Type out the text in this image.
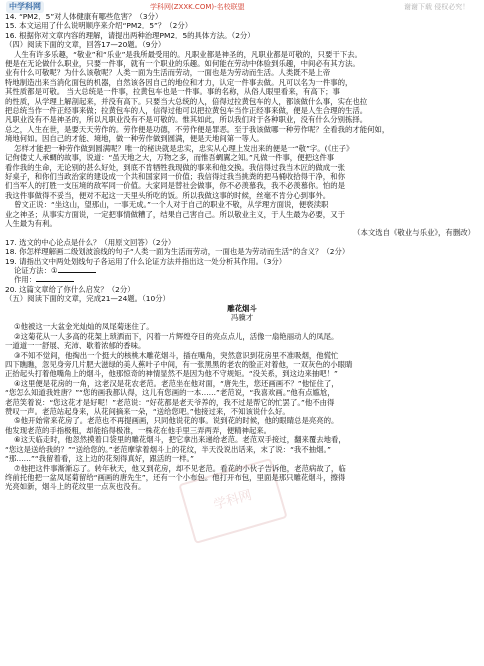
中学科网	学科网(ZXXK.COM)-名校联盟	谢谢下载 侵权必究！
学科网

14. “PM2．5”对人体健康有哪些危害？（3分）

15. 本文运用了什么说明顺序来介绍“PM2．5”？（2分）

16. 根据你对文章内容的理解，请提出两种治理PM2．5的具体方法。（2分）

（四）阅读下面的文章，回答17—20题。（9分）

人生有许多乐趣，“敬业”和“乐业”是我所最受用的。凡职业都是神圣的，凡职业都是可敬的，只要干下去。

便是在无论做什么职业，只要一件事，就有一个职业的乐趣。如何能在劳动中体验到乐趣，中间必有其方法。

业有什么可敬呢？为什么该敬呢？人类一面为生活而劳动，一面也是为劳动而生活。人类既不是上帝

特地制造出来当消化面包的机器，自然该各因自己的地位和才力，认定一件事去做。凡可以名为一件事的，

其性质都是可敬。 当大总统是一件事，拉黄包车也是一件事。事的名称，从俗人眼里看来，有高下；事

的性质，从学理上解剖起来，并没有高下。只要当大总统的人，倍得过拉黄包车的人，都该做什么事，实在也拉

把总统当作一件正经事来做；拉黄包车的人，信得过他可以把拉黄包车当作正经事来做，便是人生合理的生活。

凡职业没有不是神圣的，所以凡职业没有不是可敬的。惟其如此，所以我们对于各种职业，没有什么分别拣择。

总之，人生在世，是要天天劳作的。劳作便是功德，不劳作便是罪恶。至于我该做哪一种劳作呢？全看我的才能何如，

境地何如。因自己的才能、境地，做一种劳作做到圆满，便是天地间第一等人。

怎样才能把一种劳作做到圆满呢？唯一的秘诀就是忠实，忠实从心理上发出来的便是一“敬”字。(《庄子》

记佝偻丈人承蜩的故事，说道：“虽天地之大，万物之多，而惟吾蜩翼之知。”凡做一件事，便把这件事

看作我的生命，无论别的甚么好处，到底不肯牺牲我现做的事来和他交换。我信得过我当木匠的做成一张

好桌子，和你们当政治家的建设成一个共和国家同一价值；我信得过我当挑粪的把马桶收拾得干净，和你

们当军人的打胜一支压境的敌军同一价值。大家同是替社会做事，你不必羡慕我，我不必羡慕你。怕的是

我这件事做得不妥当，便对不起这一天里头所吃的饭。所以我做这事的时候，丝毫不肯分心到事外。

曾文正说：“坐这山，望那山，一事无成。”一个人对于自己的职业不敬，从学理方面说，便亵渎职

业之神圣；从事实方面说，一定把事情做糟了，结果自己害自己。所以敬业主义，于人生最为必要，又于

人生最为有利。

（本文选自《敬业与乐业》，有删改）

17. 选文的中心论点是什么？（用原文回答）（2分）

18. 你怎样理解画二级划波浪线的句子“人类一面为生活而劳动，一面也是为劳动而生活”的含义？（2分）

19. 请指出文中两处划线句子各运用了什么论证方法并指出这一处分析其作用。（3分）

论证方法：①

作用：

20. 这篇文章给了你什么启发？（2分）

（五）阅读下面的文章，完成21—24题。（10分）

雕花烟斗

冯骥才

①他被这一大盆金光灿灿的凤尾菊迷住了。

②这菊花从一人多高的花架上琐洒而下，闪着一片辉煌夺目的亮点点儿，活像一扇艳丽动人的凤尾。

一道道一一舒展、充沛、歇着浓郁的香味。

③不知不觉间，他掏出一个挺大的核桃木雕花烟斗，插在嘴角，突然意识到花房里不准吸烟，他慌忙

四下瞧瞧，忽见身旁几片肥大滋绿的美人蕉叶子中间，有一张黑黑的老农的脸正对着他，一双灰色的小眼睛

正抬起头打着他嘴角上的烟斗，他那惊奇的神情显然不是因为他不守规矩。“没关系，到这边来抽吧！”

④这里便是花房的一角，这老汉是花农老范。老范坐在他对面，“唐先生，您还画画不？”他怔住了，

“您怎么知道我姓唐？”“您的画我都认得，这儿有您画的一本……”老范说，“我喜欢画。”他有点尴尬，

老范笑着说：“您这花才是好呢！”老范说：“好花都是老天爷养的，我不过是帮它的忙罢了。”他不由得

赞叹一声。老范站起身来，从花间摘来一朵，“送给您吧。”他接过来，不知该说什么好。

⑤他开始常来花房了。老范也不再提画画，只同他说花的事。说到花的时候，他的眼睛总是亮亮的。

他发现老范的手指极粗，却能掐得极准，一株花在他手里三弄两弄，便精神起来。

⑥这天临走时，他忽然摸着口袋里的雕花烟斗，把它拿出来递给老范。老范双手接过，翻来覆去地看，

“您这是送给我的？”“送给您的。”老范摩挲着烟斗上的花纹，半天没说出话来，末了说：“我不抽烟。”

“那……”“我留着看，这上边的花刻得真好，跟活的一样。”

⑦他把这件事渐渐忘了。转年秋天，他又到花房，却不见老范。看花的小伙子告诉他，老范病故了，临

终前托他把一盆凤尾菊留给“画画的唐先生”，还有一个小布包。他打开布包，里面是那只雕花烟斗，擦得

光亮如新，烟斗上的花纹里一点灰也没有。
